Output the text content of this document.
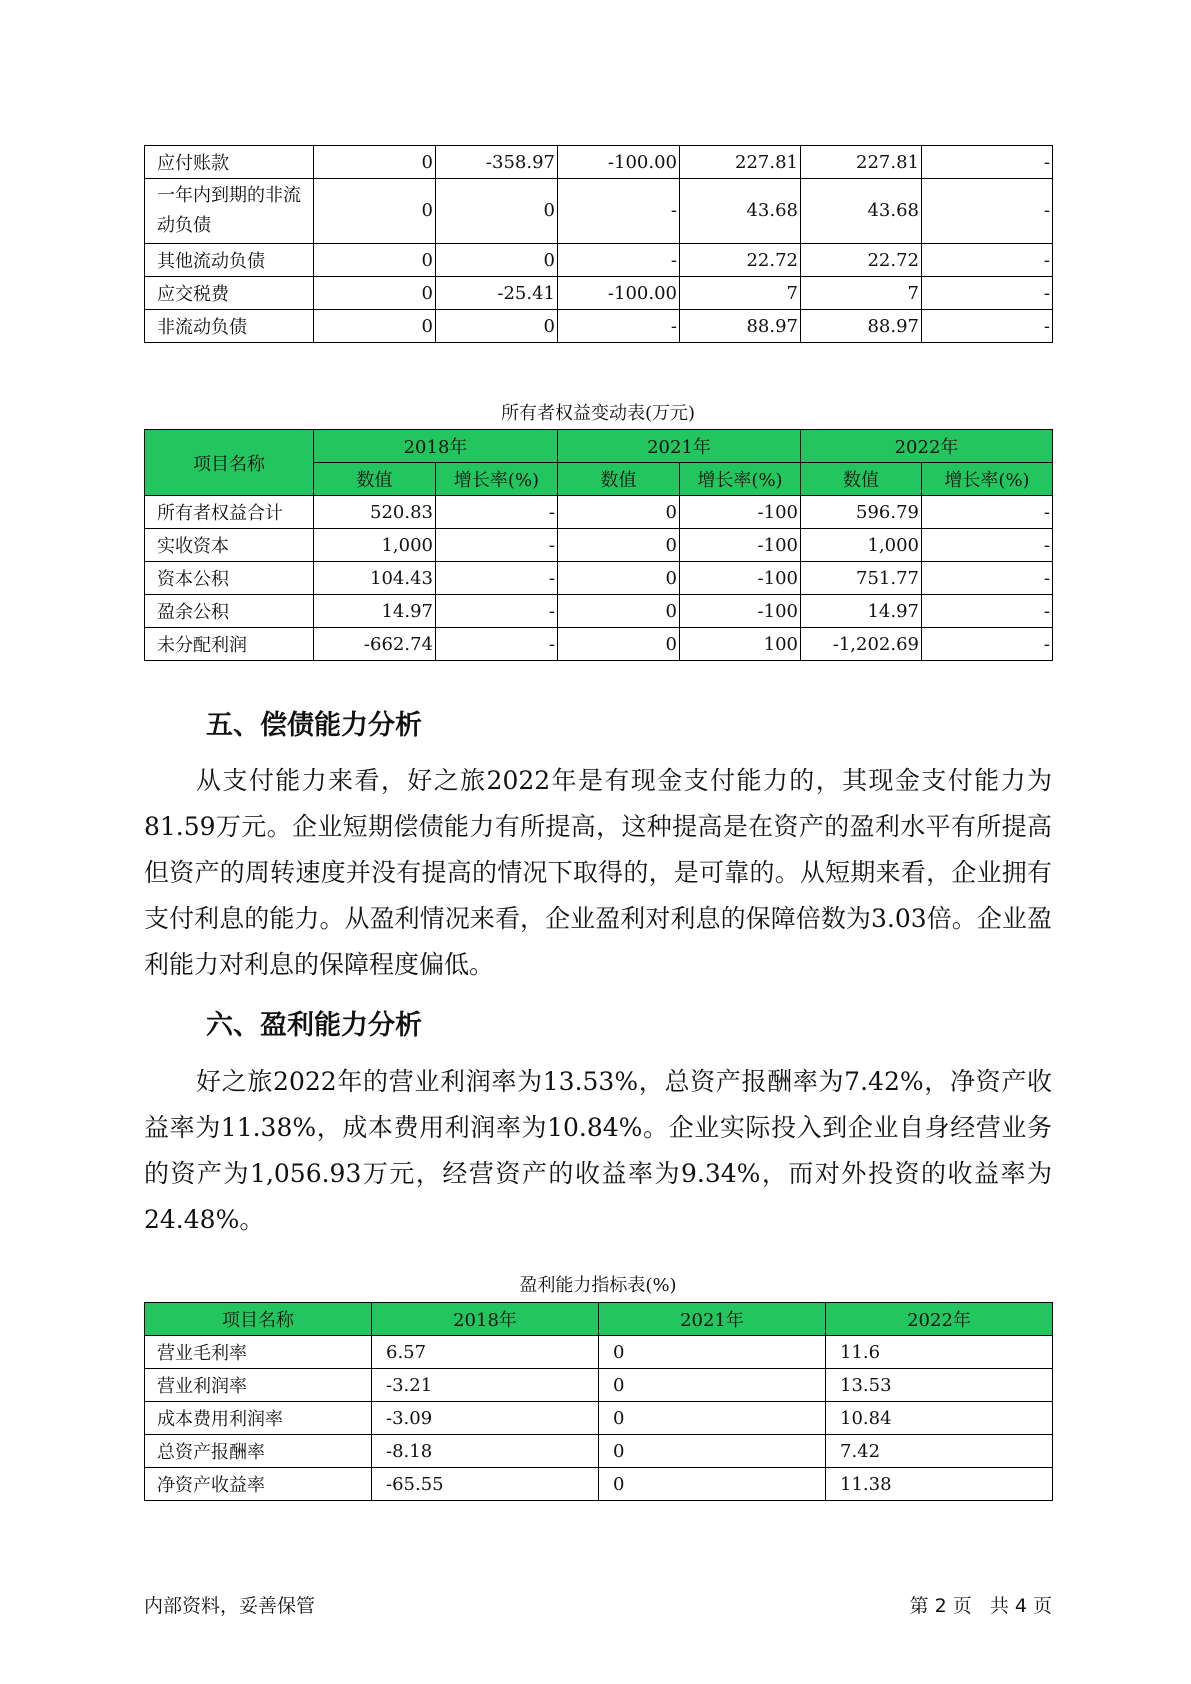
应付账款	0	-358.97	-100.00	227.81	227.81	-
一年内到期的非流动负债	0	0	-	43.68	43.68	-
其他流动负债	0	0	-	22.72	22.72	-
应交税费	0	-25.41	-100.00	7	7	-
非流动负债	0	0	-	88.97	88.97	-
所有者权益变动表(万元)
项目名称	2018年		2021年		2022年	
	数值	增长率(%)	数值	增长率(%)	数值	增长率(%)
所有者权益合计	520.83	-	0	-100	596.79	-
实收资本	1,000	-	0	-100	1,000	-
资本公积	104.43	-	0	-100	751.77	-
盈余公积	14.97	-	0	-100	14.97	-
未分配利润	-662.74	-	0	100	-1,202.69	-
五、偿债能力分析

从支付能力来看，好之旅2022年是有现金支付能力的，其现金支付能力为81.59万元。企业短期偿债能力有所提高，这种提高是在资产的盈利水平有所提高但资产的周转速度并没有提高的情况下取得的，是可靠的。从短期来看，企业拥有支付利息的能力。从盈利情况来看，企业盈利对利息的保障倍数为3.03倍。企业盈利能力对利息的保障程度偏低。

六、盈利能力分析

好之旅2022年的营业利润率为13.53%，总资产报酬率为7.42%，净资产收益率为11.38%，成本费用利润率为10.84%。企业实际投入到企业自身经营业务的资产为1,056.93万元，经营资产的收益率为9.34%，而对外投资的收益率为24.48%。

盈利能力指标表(%)
项目名称	2018年	2021年	2022年
营业毛利率	6.57	0	11.6
营业利润率	-3.21	0	13.53
成本费用利润率	-3.09	0	10.84
总资产报酬率	-8.18	0	7.42
净资产收益率	-65.55	0	11.38
内部资料，妥善保管	第 2 页   共 4 页
